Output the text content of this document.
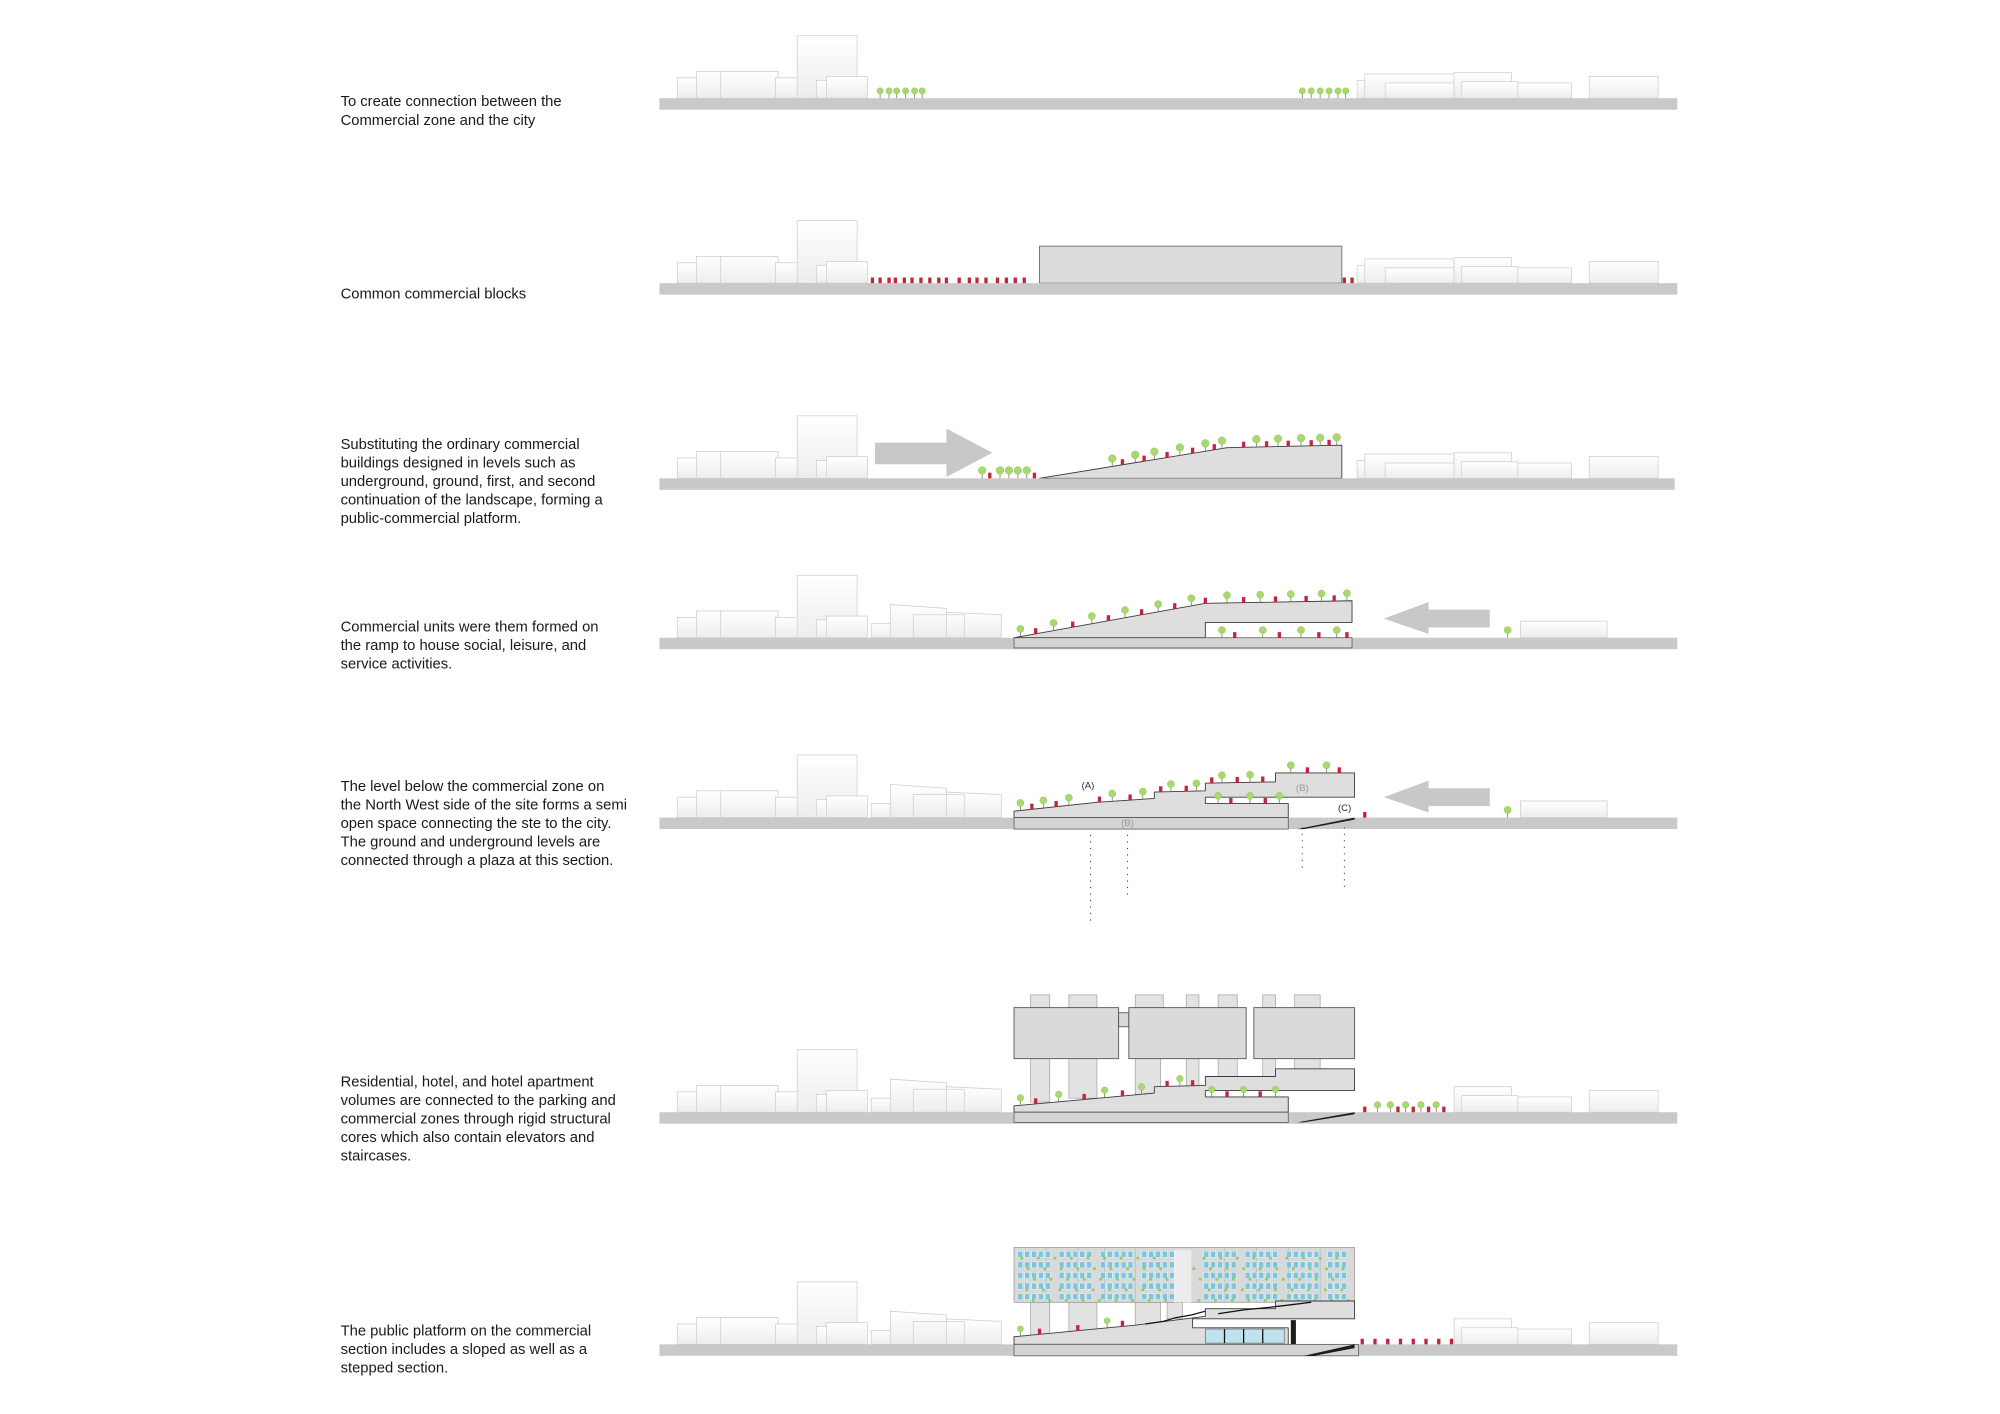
To create connection between the Commercial zone and the city
Common commercial blocks
Substituting the ordinary commercial buildings designed in levels such as underground, ground, first, and second continuation of the landscape, forming a public-commercial platform.
Commercial units were them formed on the ramp to house social, leisure, and service activities.
The level below the commercial zone on the North West side of the site forms a semi open space connecting the ste to the city. The ground and underground levels are connected through a plaza at this section.
Residential, hotel, and hotel apartment volumes are connected to the parking and commercial zones through rigid structural cores which also contain elevators and staircases.
The public platform on the commercial section includes a sloped as well as a stepped section.
(A)	(B)
(B)
(C)
